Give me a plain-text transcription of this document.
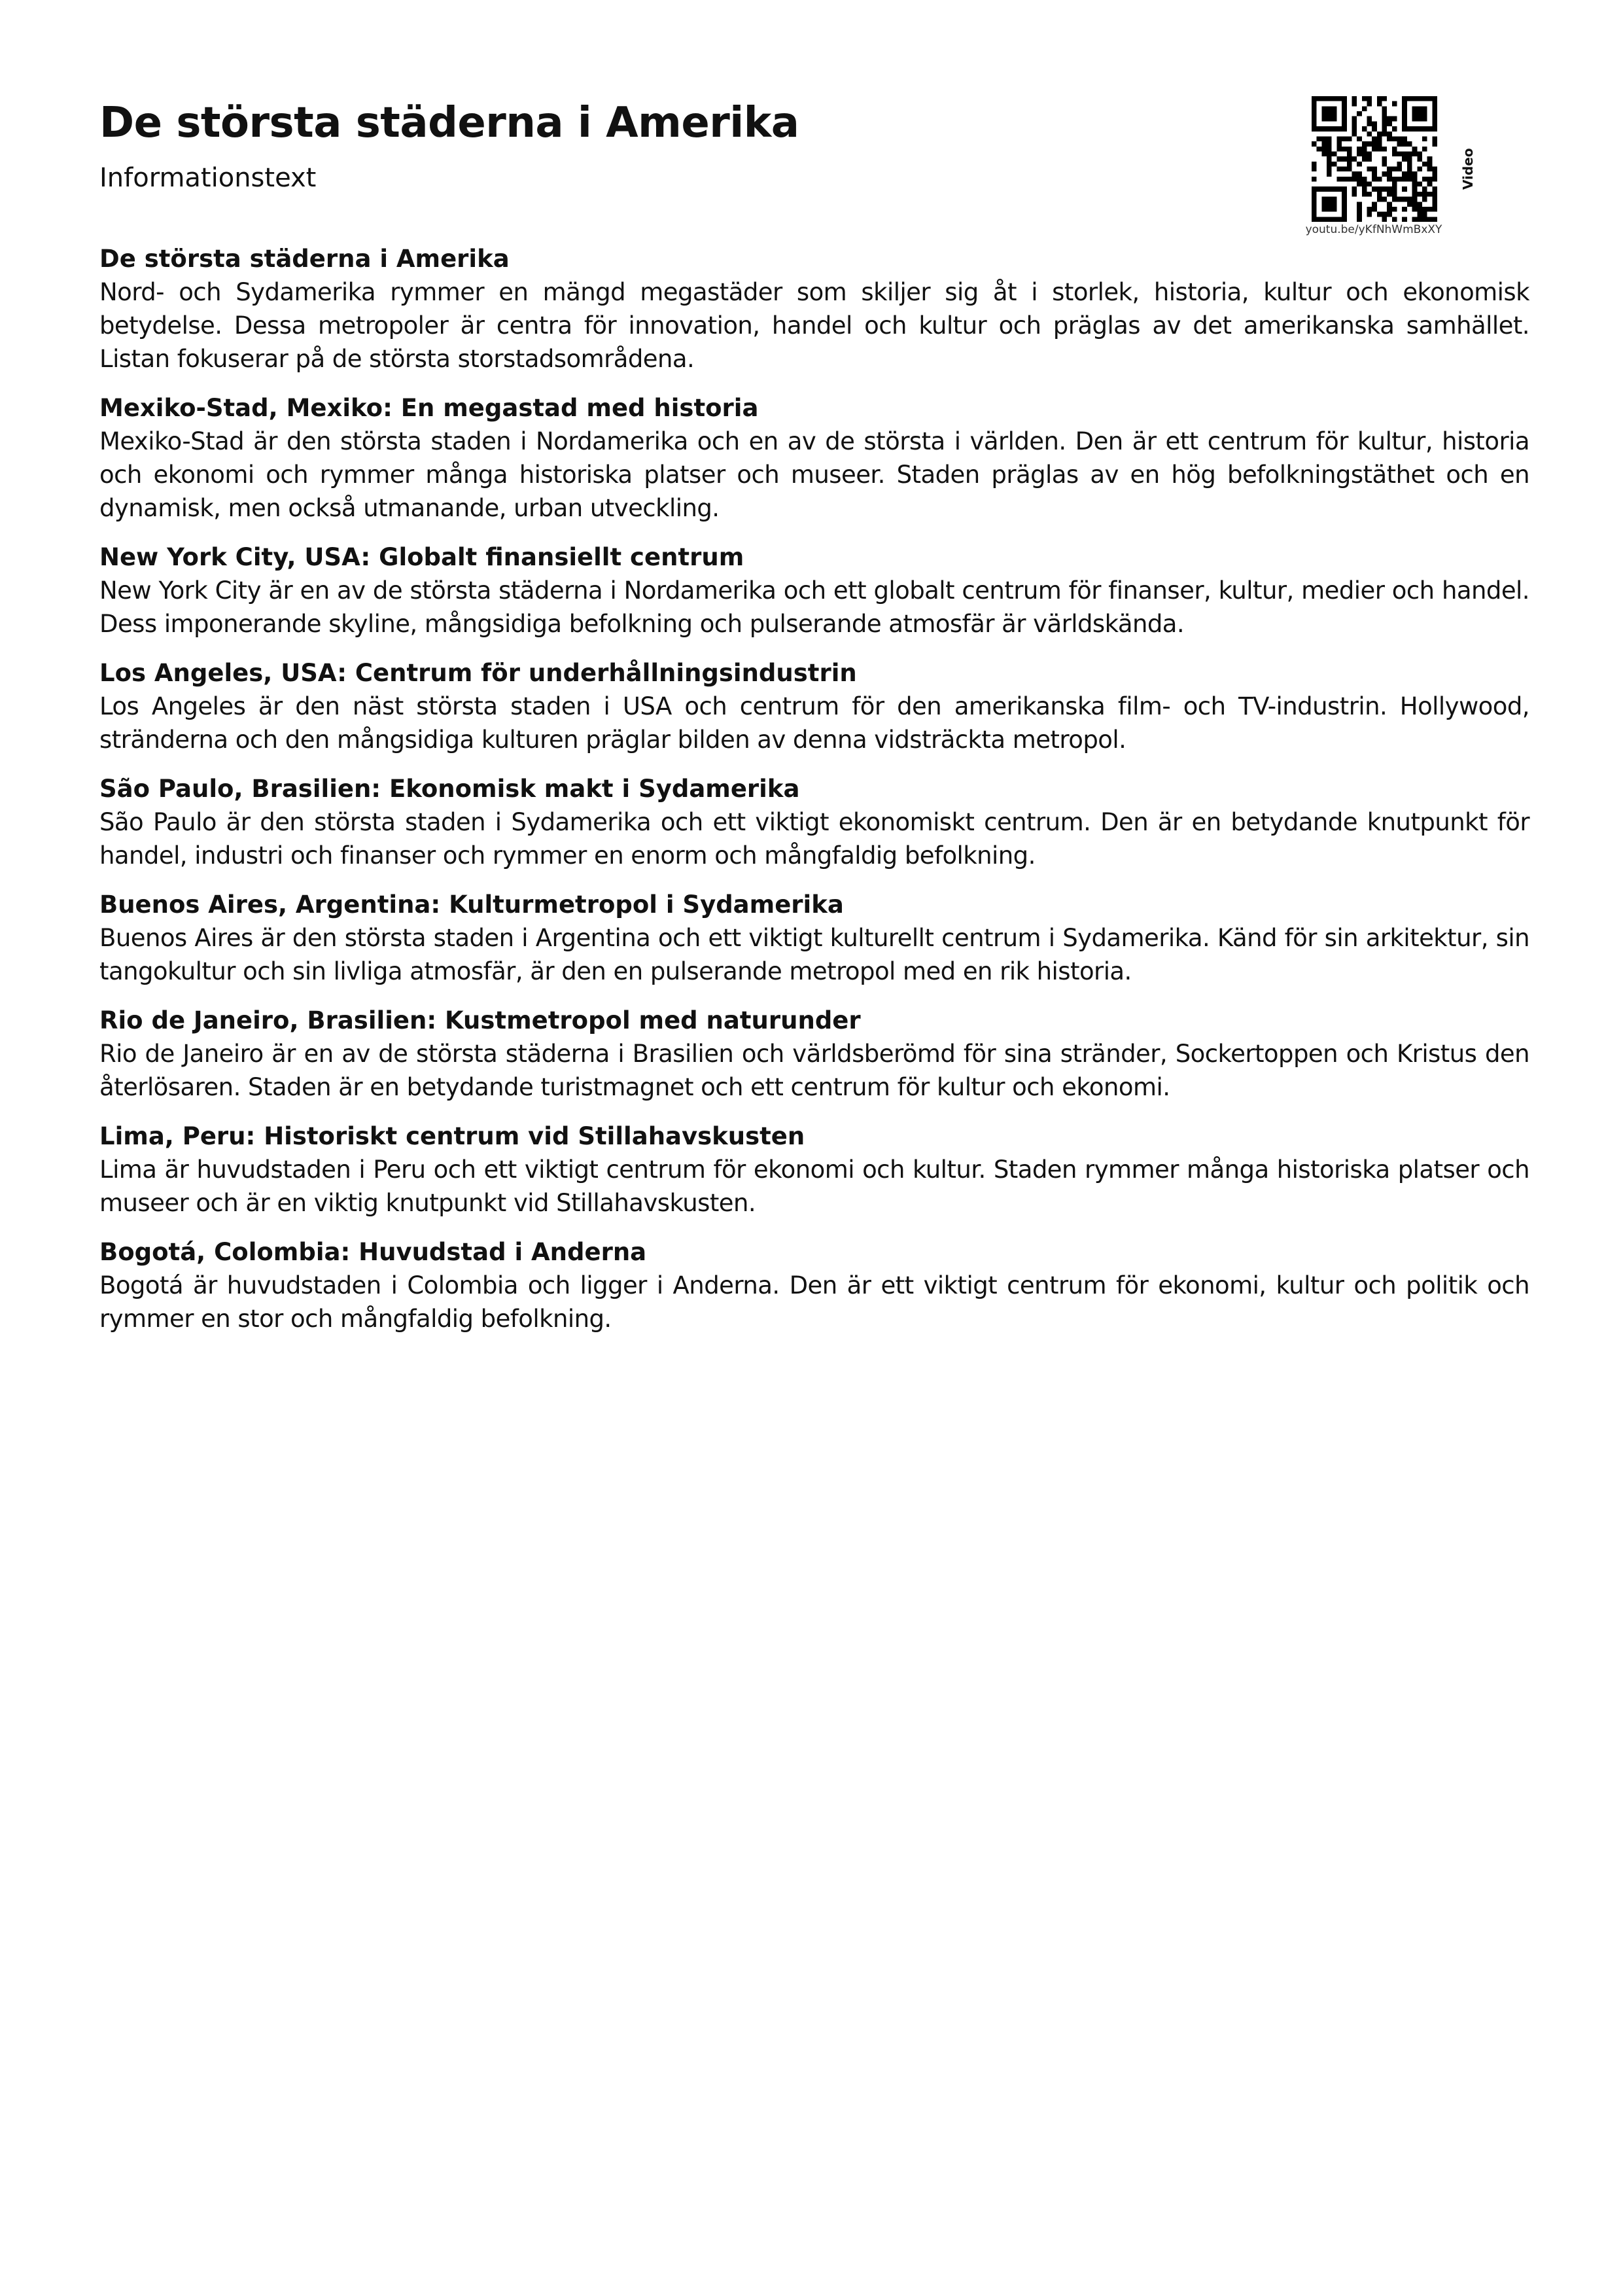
De största städerna i Amerika
Informationstext
youtu.be/yKfNhWmBxXY
Video

De största städerna i Amerika

Nord- och Sydamerika rymmer en mängd megastäder som skiljer sig åt i storlek, historia, kultur och ekonomisk betydelse. Dessa metropoler är centra för innovation, handel och kultur och präglas av det amerikanska samhället. Listan fokuserar på de största storstadsområdena.

Mexiko-Stad, Mexiko: En megastad med historia

Mexiko-Stad är den största staden i Nordamerika och en av de största i världen. Den är ett centrum för kultur, historia och ekonomi och rymmer många historiska platser och museer. Staden präglas av en hög befolkningstäthet och en dynamisk, men också utmanande, urban utveckling.

New York City, USA: Globalt finansiellt centrum

New York City är en av de största städerna i Nordamerika och ett globalt centrum för finanser, kultur, medier och handel. Dess imponerande skyline, mångsidiga befolkning och pulserande atmosfär är världskända.

Los Angeles, USA: Centrum för underhållningsindustrin

Los Angeles är den näst största staden i USA och centrum för den amerikanska film- och TV-industrin. Hollywood, stränderna och den mångsidiga kulturen präglar bilden av denna vidsträckta metropol.

São Paulo, Brasilien: Ekonomisk makt i Sydamerika

São Paulo är den största staden i Sydamerika och ett viktigt ekonomiskt centrum. Den är en betydande knutpunkt för handel, industri och finanser och rymmer en enorm och mångfaldig befolkning.

Buenos Aires, Argentina: Kulturmetropol i Sydamerika

Buenos Aires är den största staden i Argentina och ett viktigt kulturellt centrum i Sydamerika. Känd för sin arkitektur, sin tangokultur och sin livliga atmosfär, är den en pulserande metropol med en rik historia.

Rio de Janeiro, Brasilien: Kustmetropol med naturunder

Rio de Janeiro är en av de största städerna i Brasilien och världsberömd för sina stränder, Sockertoppen och Kristus den återlösaren. Staden är en betydande turistmagnet och ett centrum för kultur och ekonomi.

Lima, Peru: Historiskt centrum vid Stillahavskusten

Lima är huvudstaden i Peru och ett viktigt centrum för ekonomi och kultur. Staden rymmer många historiska platser och museer och är en viktig knutpunkt vid Stillahavskusten.

Bogotá, Colombia: Huvudstad i Anderna

Bogotá är huvudstaden i Colombia och ligger i Anderna. Den är ett viktigt centrum för ekonomi, kultur och politik och rymmer en stor och mångfaldig befolkning.
